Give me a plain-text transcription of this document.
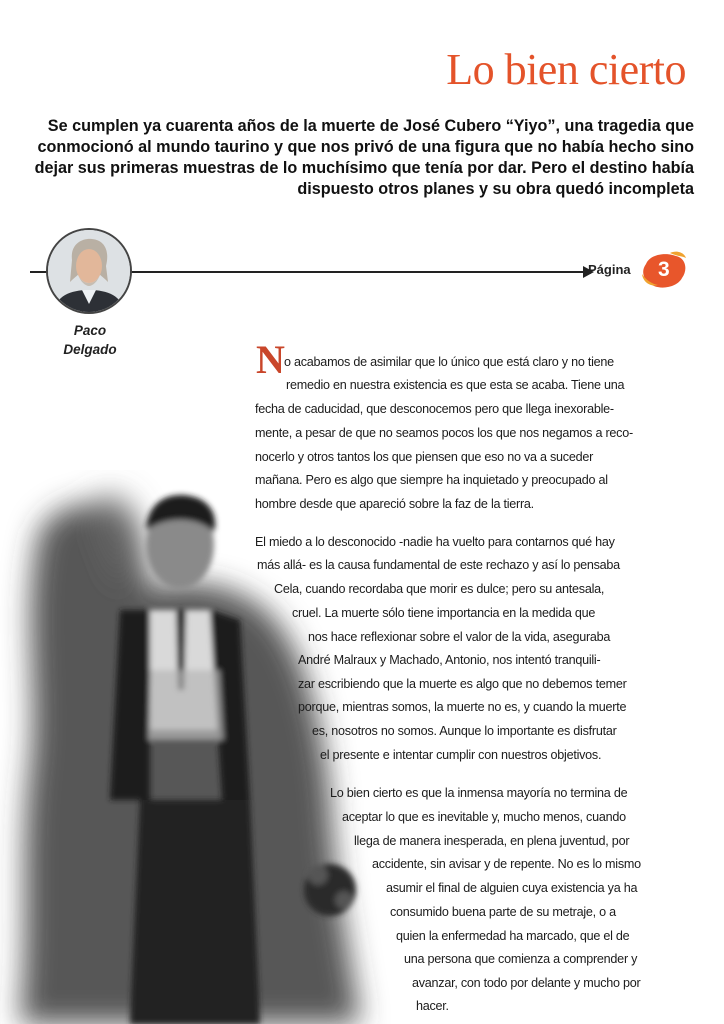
Lo bien cierto

Se cumplen ya cuarenta años de la muerte de José Cubero “Yiyo”, una tragedia que conmocionó al mundo taurino y que nos privó de una figura que no había hecho sino dejar sus primeras muestras de lo muchísimo que tenía por dar. Pero el destino había dispuesto otros planes y su obra quedó incompleta

Página 3

Paco
Delgado	N o acabamos de asimilar que lo único que está claro y no tiene

remedio en nuestra existencia es que esta se acaba. Tiene una

fecha de caducidad, que desconocemos pero que llega inexorable-

mente, a pesar de que no seamos pocos los que nos negamos a reco-

nocerlo y otros tantos los que piensen que eso no va a suceder

mañana. Pero es algo que siempre ha inquietado y preocupado al

hombre desde que apareció sobre la faz de la tierra.

El miedo a lo desconocido -nadie ha vuelto para contarnos qué hay

más allá- es la causa fundamental de este rechazo y así lo pensaba

Cela, cuando recordaba que morir es dulce; pero su antesala,

cruel. La muerte sólo tiene importancia en la medida que

nos hace reflexionar sobre el valor de la vida, aseguraba

André Malraux y Machado, Antonio, nos intentó tranquili-

zar escribiendo que la muerte es algo que no debemos temer

porque, mientras somos, la muerte no es, y cuando la muerte

es, nosotros no somos. Aunque lo importante es disfrutar

el presente e intentar cumplir con nuestros objetivos.

Lo bien cierto es que la inmensa mayoría no termina de

aceptar lo que es inevitable y, mucho menos, cuando

llega de manera inesperada, en plena juventud, por

accidente, sin avisar y de repente. No es lo mismo

asumir el final de alguien cuya existencia ya ha

consumido buena parte de su metraje, o a

quien la enfermedad ha marcado, que el de

una persona que comienza a comprender y

avanzar, con todo por delante y mucho por

hacer.
